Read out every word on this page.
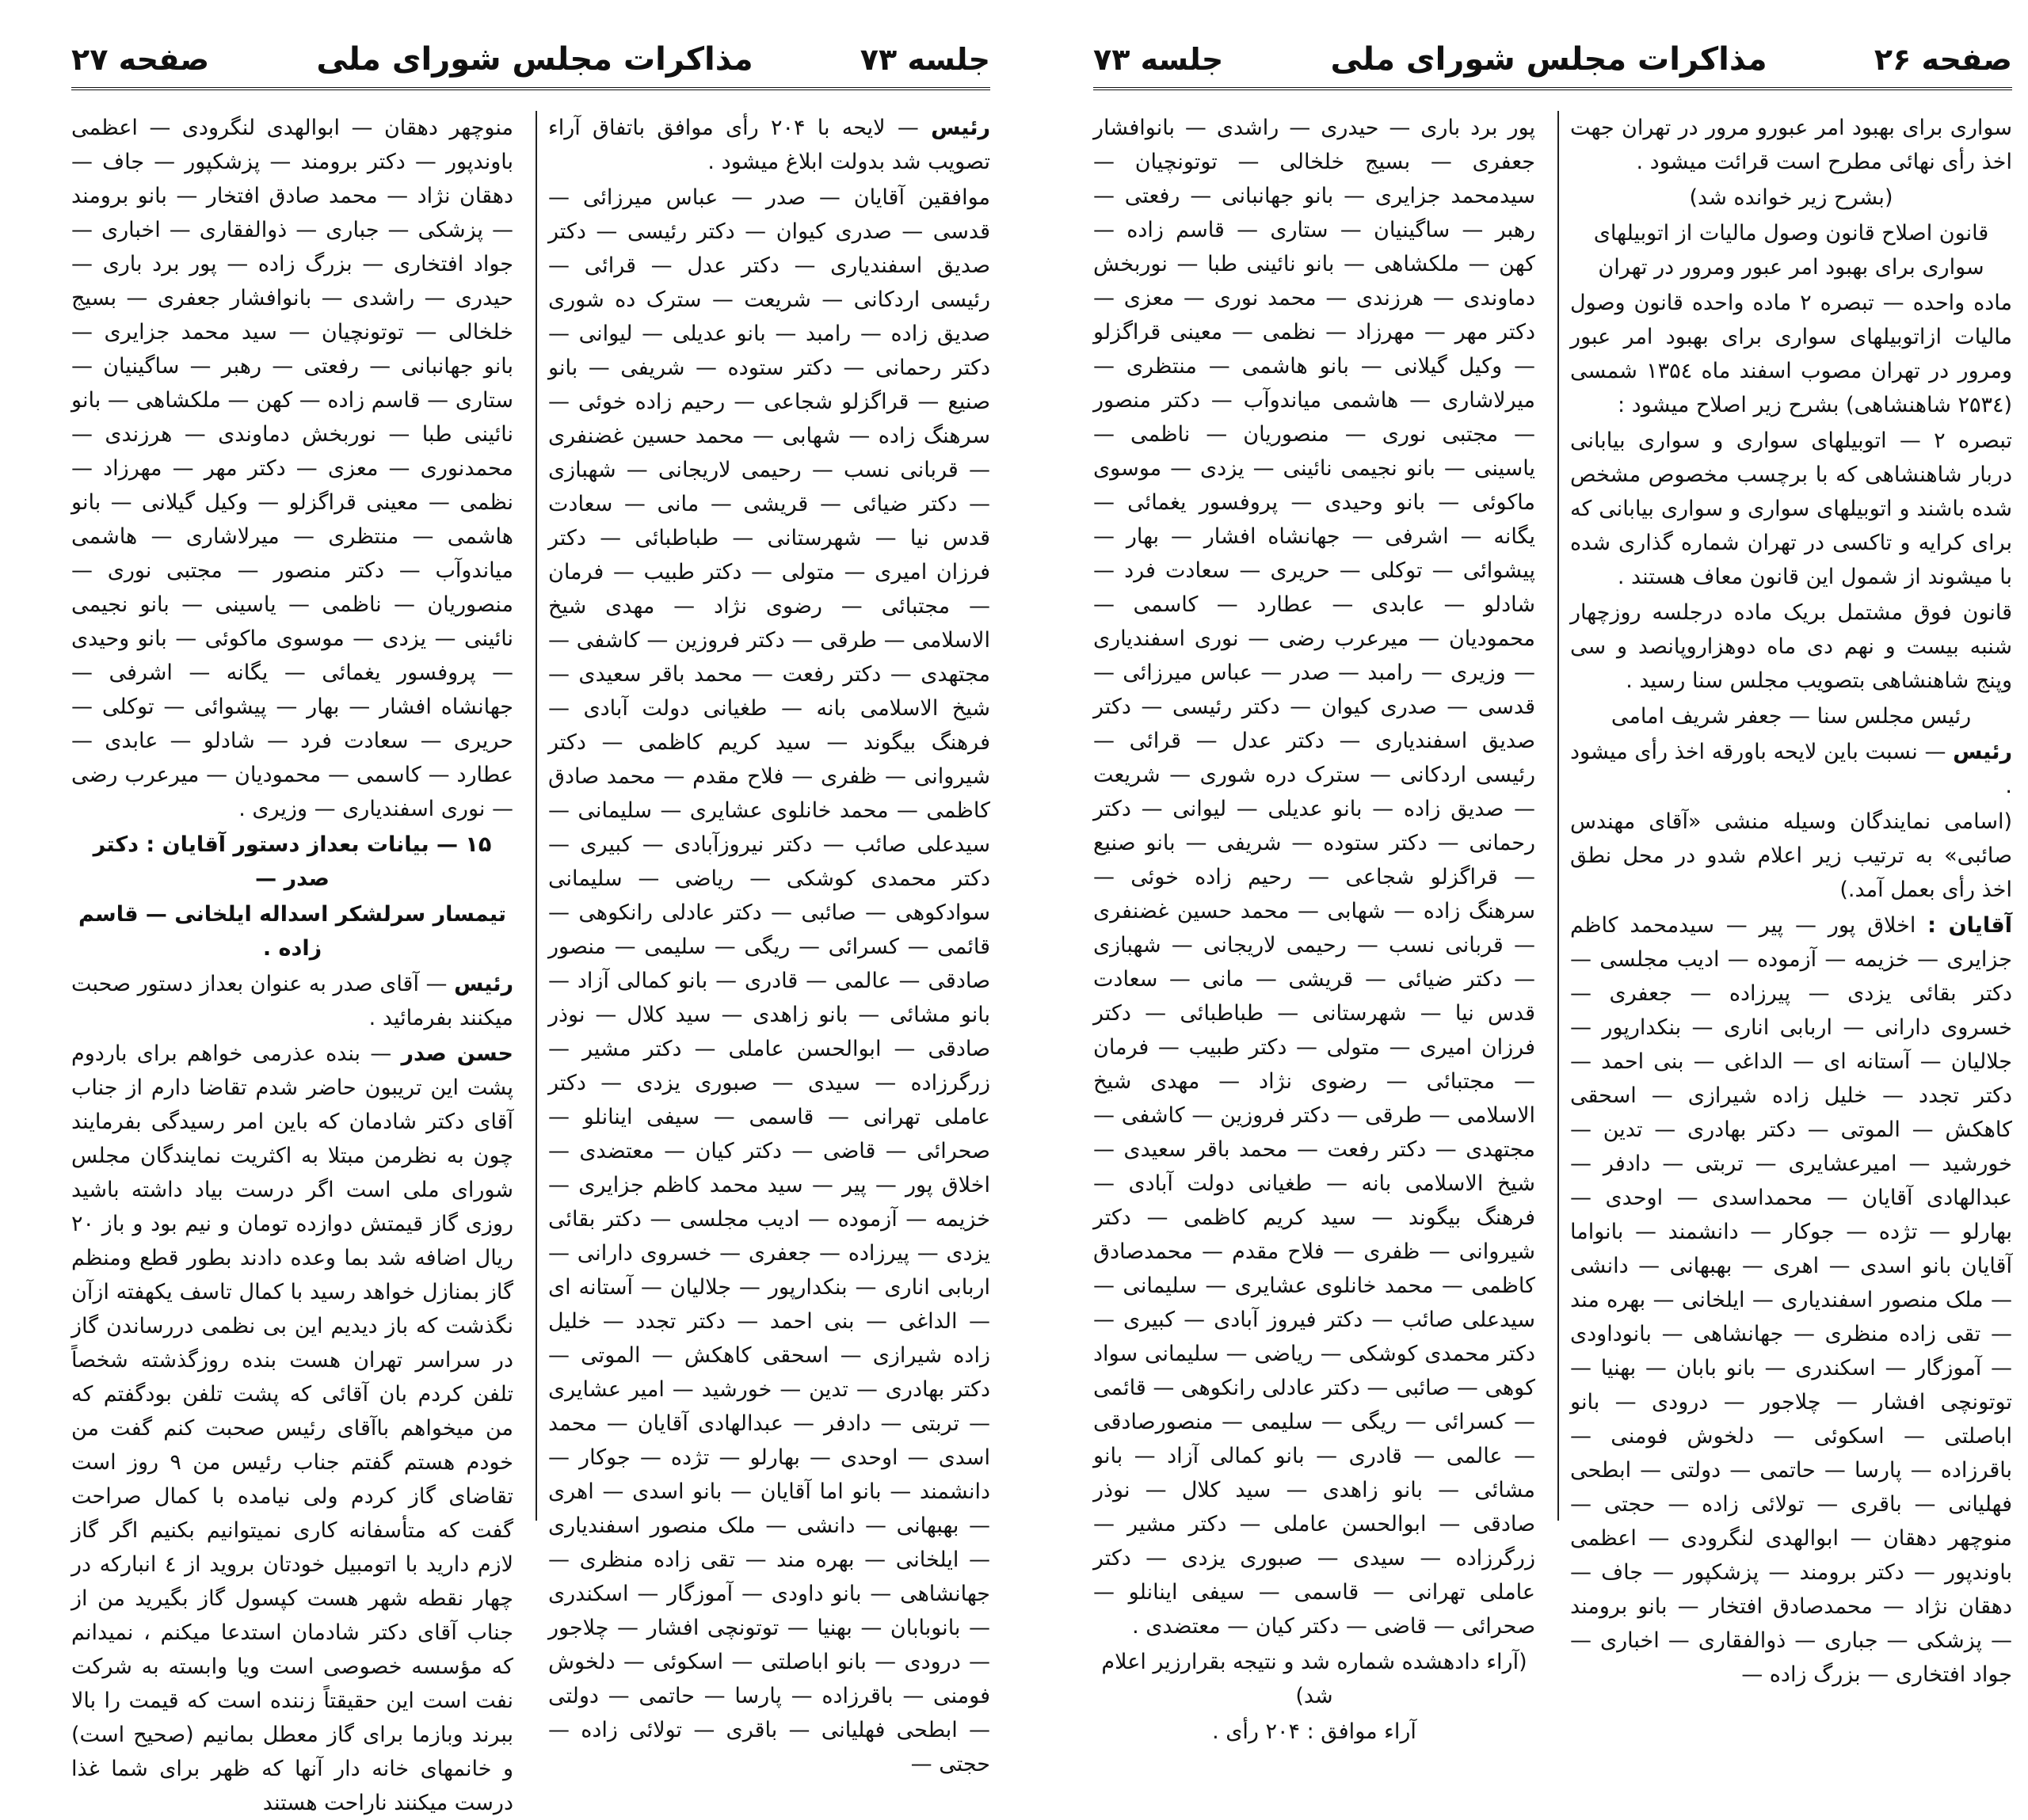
جلسه ۷۳
مذاکرات مجلس شورای ملی
صفحه ۲۷

رئیس — لایحه با ۲۰۴ رأی موافق باتفاق آراء تصویب شد بدولت ابلاغ میشود .

موافقین آقایان — صدر — عباس میرزائی — قدسی — صدری کیوان — دکتر رئیسی — دکتر صدیق اسفندیاری — دکتر عدل — قرائی — رئیسی اردکانی — شریعت — سترک ده شوری صدیق زاده — رامبد — بانو عدیلی — لیوانی — دکتر رحمانی — دکتر ستوده — شریفی — بانو صنیع — قراگزلو شجاعی — رحیم زاده خوئی — سرهنگ زاده — شهابی — محمد حسین غضنفری — قربانی نسب — رحیمی لاریجانی — شهبازی — دکتر ضیائی — قریشی — مانی — سعادت قدس نیا — شهرستانی — طباطبائی — دکتر فرزان امیری — متولی — دکتر طبیب — فرمان — مجتبائی — رضوی نژاد — مهدی شیخ الاسلامی — طرقی — دکتر فروزین — کاشفی — مجتهدی — دکتر رفعت — محمد باقر سعیدی — شیخ الاسلامی بانه — طغیانی دولت آبادی — فرهنگ بیگوند — سید کریم کاظمی — دکتر شیروانی — ظفری — فلاح مقدم — محمد صادق کاظمی — محمد خانلوی عشایری — سلیمانی — سیدعلی صائب — دکتر نیروزآبادی — کبیری — دکتر محمدی کوشکی — ریاضی — سلیمانی سوادکوهی — صائبی — دکتر عادلی رانکوهی — قائمی — کسرائی — ریگی — سلیمی — منصور صادقی — عالمی — قادری — بانو کمالی آزاد — بانو مشائی — بانو زاهدی — سید کلال — نوذر صادقی — ابوالحسن عاملی — دکتر مشیر — زرگرزاده — سیدی — صبوری یزدی — دکتر عاملی تهرانی — قاسمی — سیفی اینانلو — صحرائی — قاضی — دکتر کیان — معتضدی — اخلاق پور — پیر — سید محمد کاظم جزایری — خزیمه — آزموده — ادیب مجلسی — دکتر بقائی یزدی — پیرزاده — جعفری — خسروی دارانی — اربابی اناری — بنکدارپور — جلالیان — آستانه ای — الداغی — بنی احمد — دکتر تجدد — خلیل زاده شیرازی — اسحقی کاهکش — الموتی — دکتر بهادری — تدین — خورشید — امیر عشایری — تربتی — دادفر — عبدالهادی آقایان — محمد اسدی — اوحدی — بهارلو — تژده — جوکار — دانشمند — بانو اما آقایان — بانو اسدی — اهری — بهبهانی — دانشی — ملک منصور اسفندیاری — ایلخانی — بهره مند — تقی زاده منظری — جهانشاهی — بانو داودی — آموزگار — اسکندری — بانوبابان — بهنیا — توتونچی افشار — چلاجور — درودی — بانو اباصلتی — اسکوئی — دلخوش فومنی — باقرزاده — پارسا — حاتمی — دولتی — ابطحی فهلیانی — باقری — تولائی زاده — حجتی —

منوچهر دهقان — ابوالهدی لنگرودی — اعظمی باوندپور — دکتر برومند — پزشکپور — جاف — دهقان نژاد — محمد صادق افتخار — بانو برومند — پزشکی — جباری — ذوالفقاری — اخباری — جواد افتخاری — بزرگ زاده — پور برد باری — حیدری — راشدی — بانوافشار جعفری — بسیج خلخالی — توتونچیان — سید محمد جزایری — بانو جهانبانی — رفعتی — رهبر — ساگینیان — ستاری — قاسم زاده — کهن — ملکشاهی — بانو نائینی طبا — نوربخش دماوندی — هرزندی — محمدنوری — معزی — دکتر مهر — مهرزاد — نظمی — معینی قراگزلو — وکیل گیلانی — بانو هاشمی — منتظری — میرلاشاری — هاشمی میاندوآب — دکتر منصور — مجتبی نوری — منصوریان — ناظمی — یاسینی — بانو نجیمی نائینی — یزدی — موسوی ماکوئی — بانو وحیدی — پروفسور یغمائی — یگانه — اشرفی — جهانشاه افشار — بهار — پیشوائی — توکلی — حریری — سعادت فرد — شادلو — عابدی — عطارد — کاسمی — محمودیان — میرعرب رضی — نوری اسفندیاری — وزیری .

۱۵ — بیانات بعداز دستور آقایان : دکتر صدر —

تیمسار سرلشکر اسداله ایلخانی — قاسم زاده .

رئیس — آقای صدر به عنوان بعداز دستور صحبت میکنند بفرمائید .

حسن صدر — بنده عذرمی خواهم برای باردوم پشت این تریبون حاضر شدم تقاضا دارم از جناب آقای دکتر شادمان که باین امر رسیدگی بفرمایند چون به نظرمن مبتلا به اکثریت نمایندگان مجلس شورای ملی است اگر درست بیاد داشته باشید روزی گاز قیمتش دوازده تومان و نیم بود و باز ۲۰ ریال اضافه شد بما وعده دادند بطور قطع ومنظم گاز بمنازل خواهد رسید با کمال تاسف یکهفته ازآن نگذشت که باز دیدیم این بی نظمی دررساندن گاز در سراسر تهران هست بنده روزگذشته شخصاً تلفن کردم بان آقائی که پشت تلفن بودگفتم که من میخواهم باآقای رئیس صحبت کنم گفت من خودم هستم گفتم جناب رئیس من ۹ روز است تقاضای گاز کردم ولی نیامده با کمال صراحت گفت که متأسفانه کاری نمیتوانیم بکنیم اگر گاز لازم دارید با اتومبیل خودتان بروید از ٤ انبارکه در چهار نقطه شهر هست کپسول گاز بگیرید من از جناب آقای دکتر شادمان استدعا میکنم ، نمیدانم که مؤسسه خصوصی است ویا وابسته به شرکت نفت است این حقیقتاً زننده است که قیمت را بالا ببرند وبازما برای گاز معطل بمانیم (صحیح است) و خانمهای خانه دار آنها که ظهر برای شما غذا درست میکنند ناراحت هستند

صفحه ۲۶
مذاکرات مجلس شورای ملی
جلسه ۷۳

سواری برای بهبود امر عبورو مرور در تهران جهت اخذ رأی نهائی مطرح است قرائت میشود .

(بشرح زیر خوانده شد)

قانون اصلاح قانون وصول مالیات از اتوبیلهای سواری برای بهبود امر عبور ومرور در تهران

ماده واحده — تبصره ۲ ماده واحده قانون وصول مالیات ازاتوبیلهای سواری برای بهبود امر عبور ومرور در تهران مصوب اسفند ماه ۱۳۵٤ شمسی (۲۵۳٤ شاهنشاهی) بشرح زیر اصلاح میشود :

تبصره ۲ — اتوبیلهای سواری و سواری بیابانی دربار شاهنشاهی که با برچسب مخصوص مشخص شده باشند و اتوبیلهای سواری و سواری بیابانی که برای کرایه و تاکسی در تهران شماره گذاری شده با میشوند از شمول این قانون معاف هستند .

قانون فوق مشتمل بریک ماده درجلسه روزچهار شنبه بیست و نهم دی ماه دوهزاروپانصد و سی وپنج شاهنشاهی بتصویب مجلس سنا رسید .

رئیس مجلس سنا — جعفر شریف امامی

رئیس — نسبت باین لایحه باورقه اخذ رأی میشود .

(اسامی نمایندگان وسیله منشی «آقای مهندس صائبی» به ترتیب زیر اعلام شدو در محل نطق اخذ رأی بعمل آمد.)

آقایان : اخلاق پور — پیر — سیدمحمد کاظم جزایری — خزیمه — آزموده — ادیب مجلسی — دکتر بقائی یزدی — پیرزاده — جعفری — خسروی دارانی — اربابی اناری — بنکدارپور — جلالیان — آستانه ای — الداغی — بنی احمد — دکتر تجدد — خلیل زاده شیرازی — اسحقی کاهکش — الموتی — دکتر بهادری — تدین — خورشید — امیرعشایری — تربتی — دادفر — عبدالهادی آقایان — محمداسدی — اوحدی — بهارلو — تژده — جوکار — دانشمند — بانواما آقایان بانو اسدی — اهری — بهبهانی — دانشی — ملک منصور اسفندیاری — ایلخانی — بهره مند — تقی زاده منظری — جهانشاهی — بانوداودی — آموزگار — اسکندری — بانو بابان — بهنیا — توتونچی افشار — چلاجور — درودی — بانو اباصلتی — اسکوئی — دلخوش فومنی — باقرزاده — پارسا — حاتمی — دولتی — ابطحی فهلیانی — باقری — تولائی زاده — حجتی — منوچهر دهقان — ابوالهدی لنگرودی — اعظمی باوندپور — دکتر برومند — پزشکپور — جاف — دهقان نژاد — محمدصادق افتخار — بانو برومند — پزشکی — جباری — ذوالفقاری — اخباری — جواد افتخاری — بزرگ زاده —

پور برد باری — حیدری — راشدی — بانوافشار جعفری — بسیج خلخالی — توتونچیان — سیدمحمد جزایری — بانو جهانبانی — رفعتی — رهبر — ساگینیان — ستاری — قاسم زاده — کهن — ملکشاهی — بانو نائینی طبا — نوربخش دماوندی — هرزندی — محمد نوری — معزی — دکتر مهر — مهرزاد — نظمی — معینی قراگزلو — وکیل گیلانی — بانو هاشمی — منتظری — میرلاشاری — هاشمی میاندوآب — دکتر منصور — مجتبی نوری — منصوریان — ناظمی — یاسینی — بانو نجیمی نائینی — یزدی — موسوی ماکوئی — بانو وحیدی — پروفسور یغمائی — یگانه — اشرفی — جهانشاه افشار — بهار — پیشوائی — توکلی — حریری — سعادت فرد — شادلو — عابدی — عطارد — کاسمی — محمودیان — میرعرب رضی — نوری اسفندیاری — وزیری — رامبد — صدر — عباس میرزائی — قدسی — صدری کیوان — دکتر رئیسی — دکتر صدیق اسفندیاری — دکتر عدل — قرائی — رئیسی اردکانی — سترک دره شوری — شریعت — صدیق زاده — بانو عدیلی — لیوانی — دکتر رحمانی — دکتر ستوده — شریفی — بانو صنیع — قراگزلو شجاعی — رحیم زاده خوئی — سرهنگ زاده — شهابی — محمد حسین غضنفری — قربانی نسب — رحیمی لاریجانی — شهبازی — دکتر ضیائی — قریشی — مانی — سعادت قدس نیا — شهرستانی — طباطبائی — دکتر فرزان امیری — متولی — دکتر طبیب — فرمان — مجتبائی — رضوی نژاد — مهدی شیخ الاسلامی — طرقی — دکتر فروزین — کاشفی — مجتهدی — دکتر رفعت — محمد باقر سعیدی — شیخ الاسلامی بانه — طغیانی دولت آبادی — فرهنگ بیگوند — سید کریم کاظمی — دکتر شیروانی — ظفری — فلاح مقدم — محمدصادق کاظمی — محمد خانلوی عشایری — سلیمانی — سیدعلی صائب — دکتر فیروز آبادی — کبیری — دکتر محمدی کوشکی — ریاضی — سلیمانی سواد کوهی — صائبی — دکتر عادلی رانکوهی — قائمی — کسرائی — ریگی — سلیمی — منصورصادقی — عالمی — قادری — بانو کمالی آزاد — بانو مشائی — بانو زاهدی — سید کلال — نوذر صادقی — ابوالحسن عاملی — دکتر مشیر — زرگرزاده — سیدی — صبوری یزدی — دکتر عاملی تهرانی — قاسمی — سیفی اینانلو — صحرائی — قاضی — دکتر کیان — معتضدی .

(آراء دادهشده شماره شد و نتیجه بقرارزیر اعلام شد)

آراء موافق : ۲۰۴ رأی .
